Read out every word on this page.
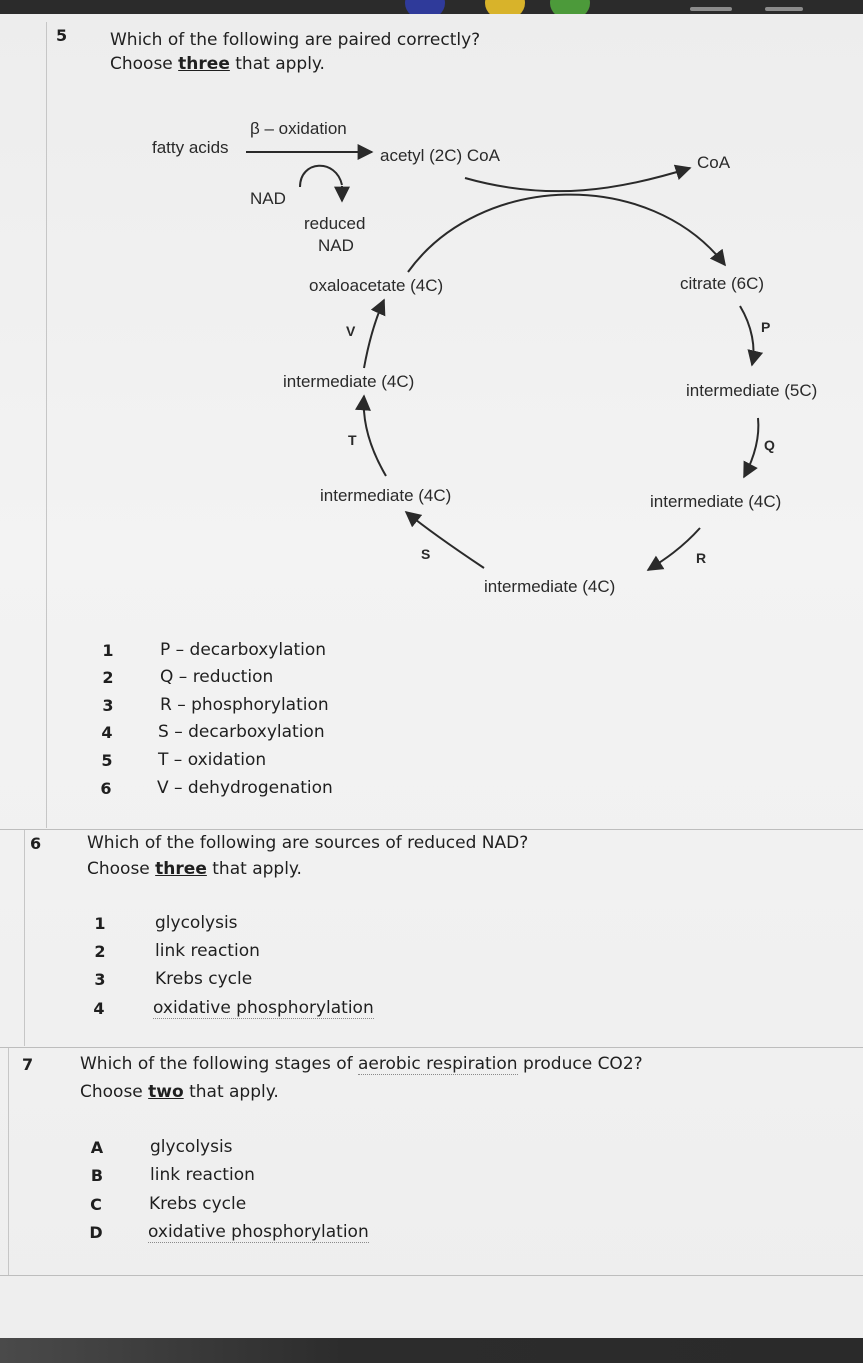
5	Which of the following are paired correctly?
Choose three that apply.
β – oxidation
fatty acids	acetyl (2C) CoA	CoA
NAD
reduced
NAD
oxaloacetate (4C)	citrate (6C)
intermediate (5C)
intermediate (4C)
intermediate (4C)
intermediate (4C)
intermediate (4C)
P
Q
R
S
T
V
1	P – decarboxylation
2	Q – reduction
3	R – phosphorylation
4	S – decarboxylation
5	T – oxidation
6	V – dehydrogenation
6	Which of the following are sources of reduced NAD?
Choose three that apply.
1	glycolysis
2	link reaction
3	Krebs cycle
4	oxidative phosphorylation
7	Which of the following stages of aerobic respiration produce CO2?
Choose two that apply.
A	glycolysis
B	link reaction
C	Krebs cycle
D	oxidative phosphorylation
